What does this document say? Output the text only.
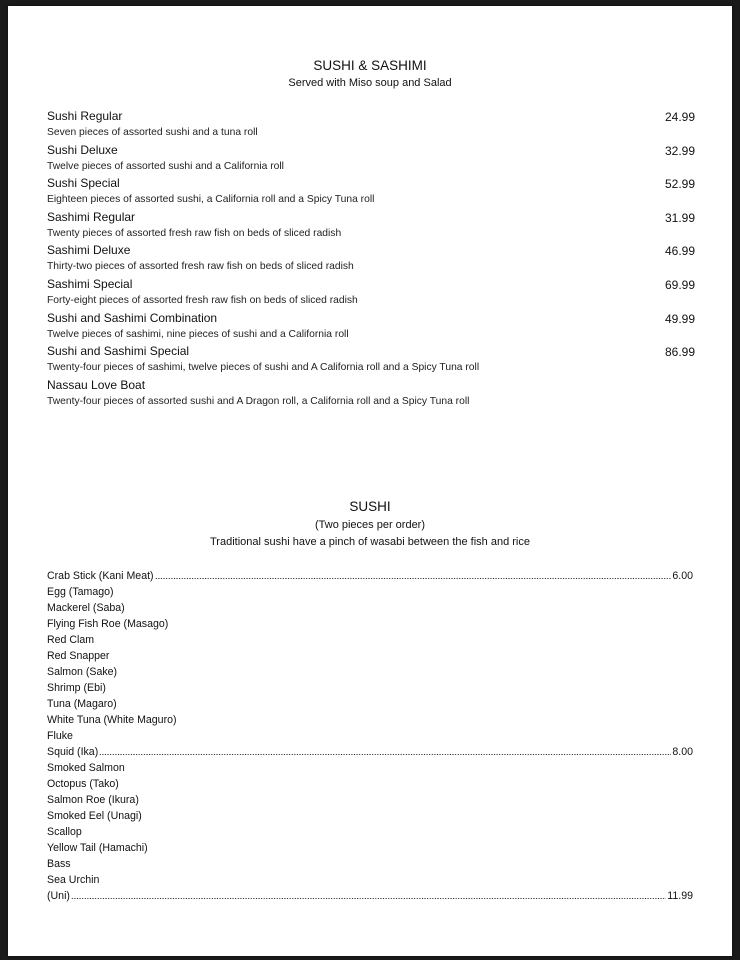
SUSHI & SASHIMI
Served with Miso soup and Salad
Sushi Regular
Seven pieces of assorted sushi and a tuna roll
24.99
Sushi Deluxe
Twelve pieces of assorted sushi and a California roll
32.99
Sushi Special
Eighteen pieces of assorted sushi, a California roll and a Spicy Tuna roll
52.99
Sashimi Regular
Twenty pieces of assorted fresh raw fish on beds of sliced radish
31.99
Sashimi Deluxe
Thirty-two pieces of assorted fresh raw fish on beds of sliced radish
46.99
Sashimi Special
Forty-eight pieces of assorted fresh raw fish on beds of sliced radish
69.99
Sushi and Sashimi Combination
Twelve pieces of sashimi, nine pieces of sushi and a California roll
49.99
Sushi and Sashimi Special
Twenty-four pieces of sashimi, twelve pieces of sushi and A California roll and a Spicy Tuna roll
86.99
Nassau Love Boat
Twenty-four pieces of assorted sushi and A Dragon roll, a California roll and a Spicy Tuna roll
SUSHI
(Two pieces per order)
Traditional sushi have a pinch of wasabi between the fish and rice
Crab Stick (Kani Meat)	6.00
Egg (Tamago)
Mackerel (Saba)
Flying Fish Roe (Masago)
Red Clam
Red Snapper
Salmon (Sake)
Shrimp (Ebi)
Tuna (Magaro)
White Tuna (White Maguro)
Fluke
Squid (Ika)	8.00
Smoked Salmon
Octopus (Tako)
Salmon Roe (Ikura)
Smoked Eel (Unagi)
Scallop
Yellow Tail (Hamachi)
Bass
Sea Urchin
(Uni)	11.99
